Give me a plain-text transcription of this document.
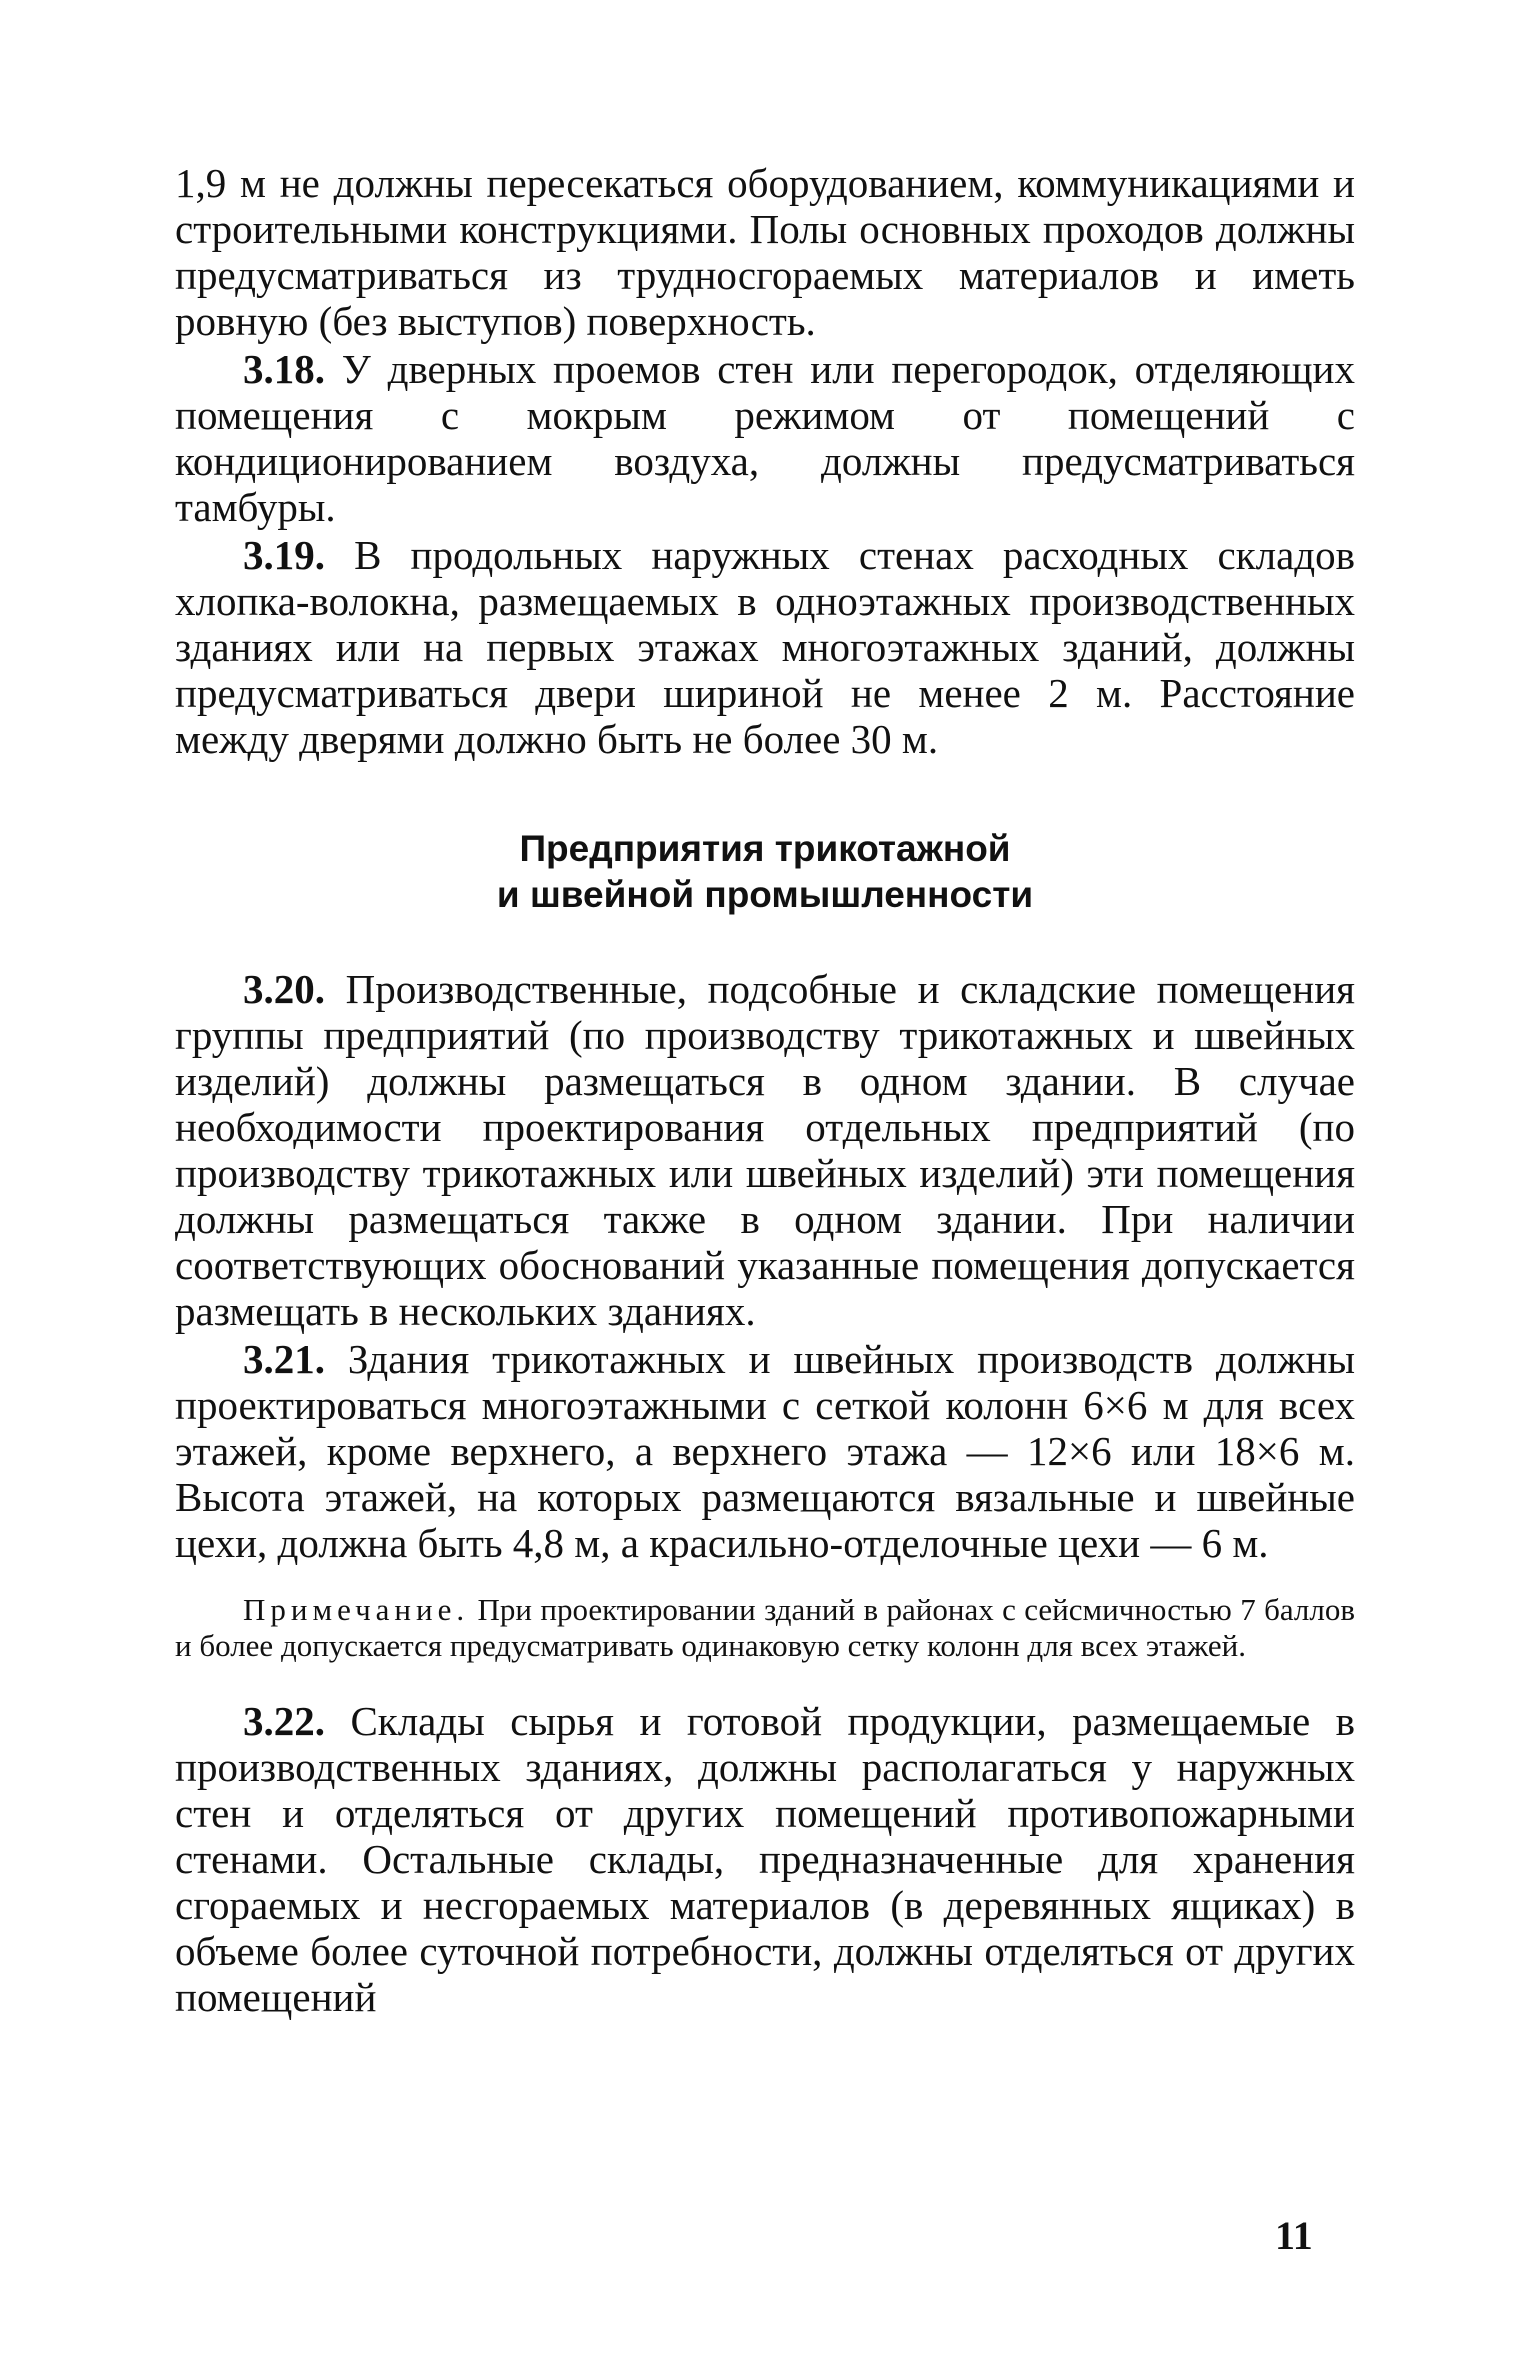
1,9 м не должны пересекаться оборудованием, коммуникациями и строительными конструкциями. Полы основных проходов должны предусматриваться из трудносгораемых материалов и иметь ровную (без выступов) поверхность.

3.18. У дверных проемов стен или перегородок, отделяющих помещения с мокрым режимом от помещений с кондиционированием воздуха, должны предусматриваться тамбуры.

3.19. В продольных наружных стенах расходных складов хлопка-волокна, размещаемых в одноэтажных производственных зданиях или на первых этажах многоэтажных зданий, должны предусматриваться двери шириной не менее 2 м. Расстояние между дверями должно быть не более 30 м.

Предприятия трикотажной
и швейной промышленности

3.20. Производственные, подсобные и складские помещения группы предприятий (по производству трикотажных и швейных изделий) должны размещаться в одном здании. В случае необходимости проектирования отдельных предприятий (по производству трикотажных или швейных изделий) эти помещения должны размещаться также в одном здании. При наличии соответствующих обоснований указанные помещения допускается размещать в нескольких зданиях.

3.21. Здания трикотажных и швейных производств должны проектироваться многоэтажными с сеткой колонн 6×6 м для всех этажей, кроме верхнего, а верхнего этажа — 12×6 или 18×6 м. Высота этажей, на которых размещаются вязальные и швейные цехи, должна быть 4,8 м, а красильно-отделочные цехи — 6 м.

Примечание. При проектировании зданий в районах с сейсмичностью 7 баллов и более допускается предусматривать одинаковую сетку колонн для всех этажей.

3.22. Склады сырья и готовой продукции, размещаемые в производственных зданиях, должны располагаться у наружных стен и отделяться от других помещений противопожарными стенами. Остальные склады, предназначенные для хранения сгораемых и несгораемых материалов (в деревянных ящиках) в объеме более суточной потребности, должны отделяться от других помещений

11
